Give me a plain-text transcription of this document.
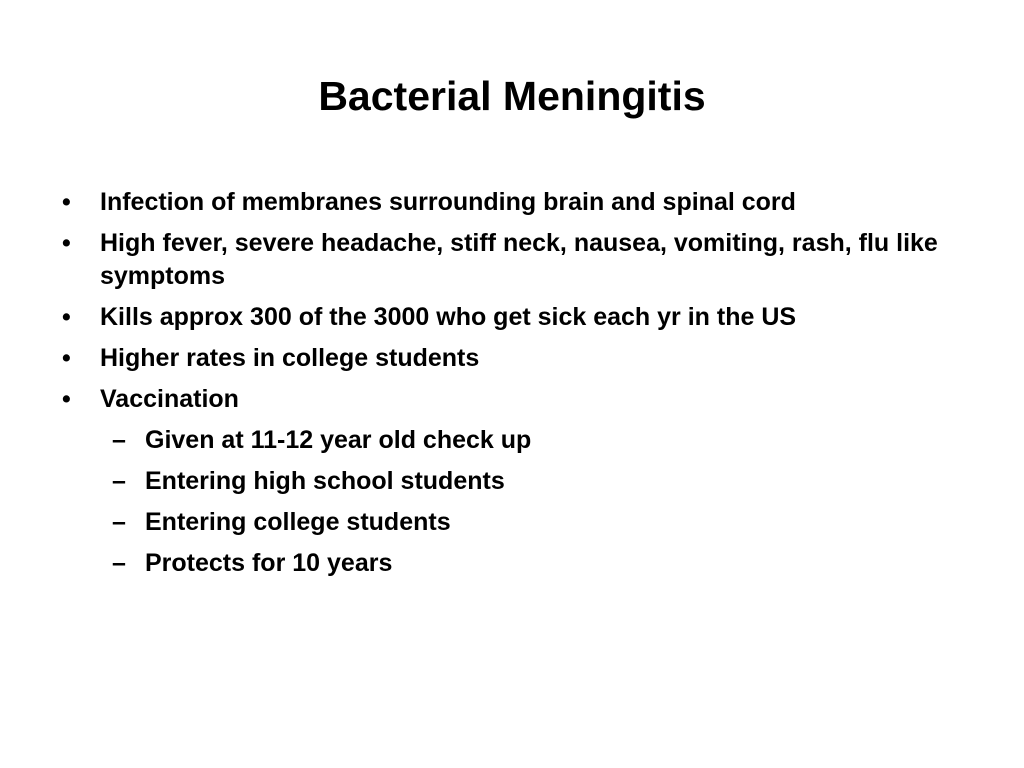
Bacterial Meningitis
•	Infection of membranes surrounding brain and spinal cord
•	High fever, severe headache, stiff neck, nausea, vomiting, rash, flu like symptoms
•	Kills approx 300 of the 3000 who get sick each yr in the US
•	Higher rates in college students
•	Vaccination
– Given at 11-12 year old check up
– Entering high school students
– Entering college students
– Protects for 10 years
